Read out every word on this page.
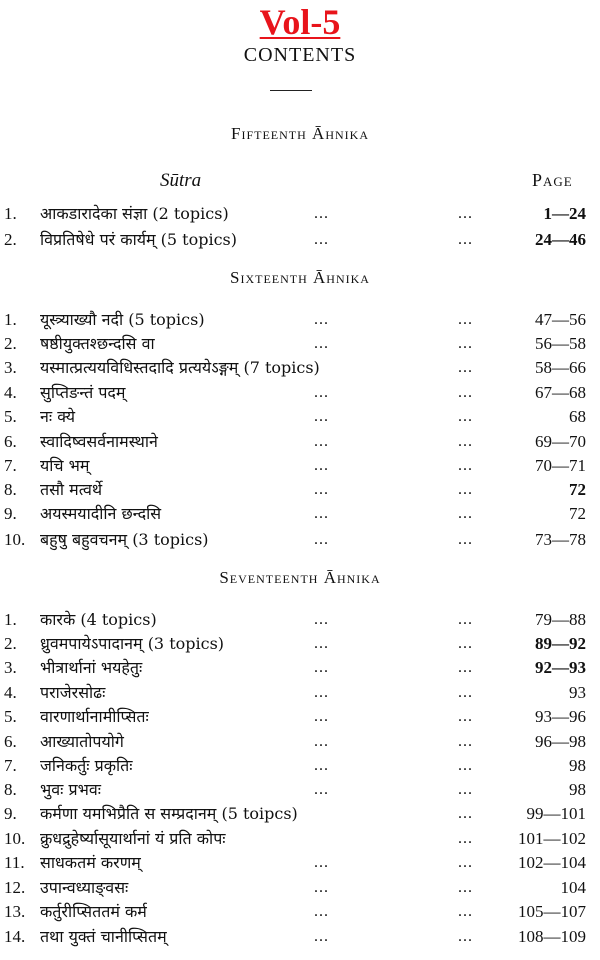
Vol-5
CONTENTS
Fifteenth Āhnika
Sūtra	Page
1.	आकडारादेका संज्ञा (2 topics)	...	...	1—24
2.	विप्रतिषेधे परं कार्यम् (5 topics)	...	...	24—46
Sixteenth Āhnika
1.	यूस्त्र्याख्यौ नदी (5 topics)	...	...	47—56
2.	षष्ठीयुक्तश्छन्दसि वा	...	...	56—58
3.	यस्मात्प्रत्ययविधिस्तदादि प्रत्ययेऽङ्गम् (7 topics)	...	58—66
4.	सुप्तिङन्तं पदम्	...	...	67—68
5.	नः क्ये	...	...	68
6.	स्वादिष्वसर्वनामस्थाने	...	...	69—70
7.	यचि भम्	...	...	70—71
8.	तसौ मत्वर्थे	...	...	72
9.	अयस्मयादीनि छन्दसि	...	...	72
10. बहुषु बहुवचनम् (3 topics)	...	...	73—78
Seventeenth Āhnika
1.	कारके (4 topics)	...	...	79—88
2.	ध्रुवमपायेऽपादानम् (3 topics)	...	...	89—92
3.	भीत्रार्थानां भयहेतुः	...	...	92—93
4.	पराजेरसोढः	...	...	93
5.	वारणार्थानामीप्सितः	...	...	93—96
6.	आख्यातोपयोगे	...	...	96—98
7.	जनिकर्तुः प्रकृतिः	...	...	98
8.	भुवः प्रभवः	...	...	98
9.	कर्मणा यमभिप्रैति स सम्प्रदानम् (5 toipcs)	...	99—101
10. क्रुधद्रुहेर्ष्यासूयार्थानां यं प्रति कोपः	...	101—102
11. साधकतमं करणम्	...	...	102—104
12. उपान्वध्याङ्वसः	...	...	104
13. कर्तुरीप्सिततमं कर्म	...	...	105—107
14. तथा युक्तं चानीप्सितम्	...	...	108—109
